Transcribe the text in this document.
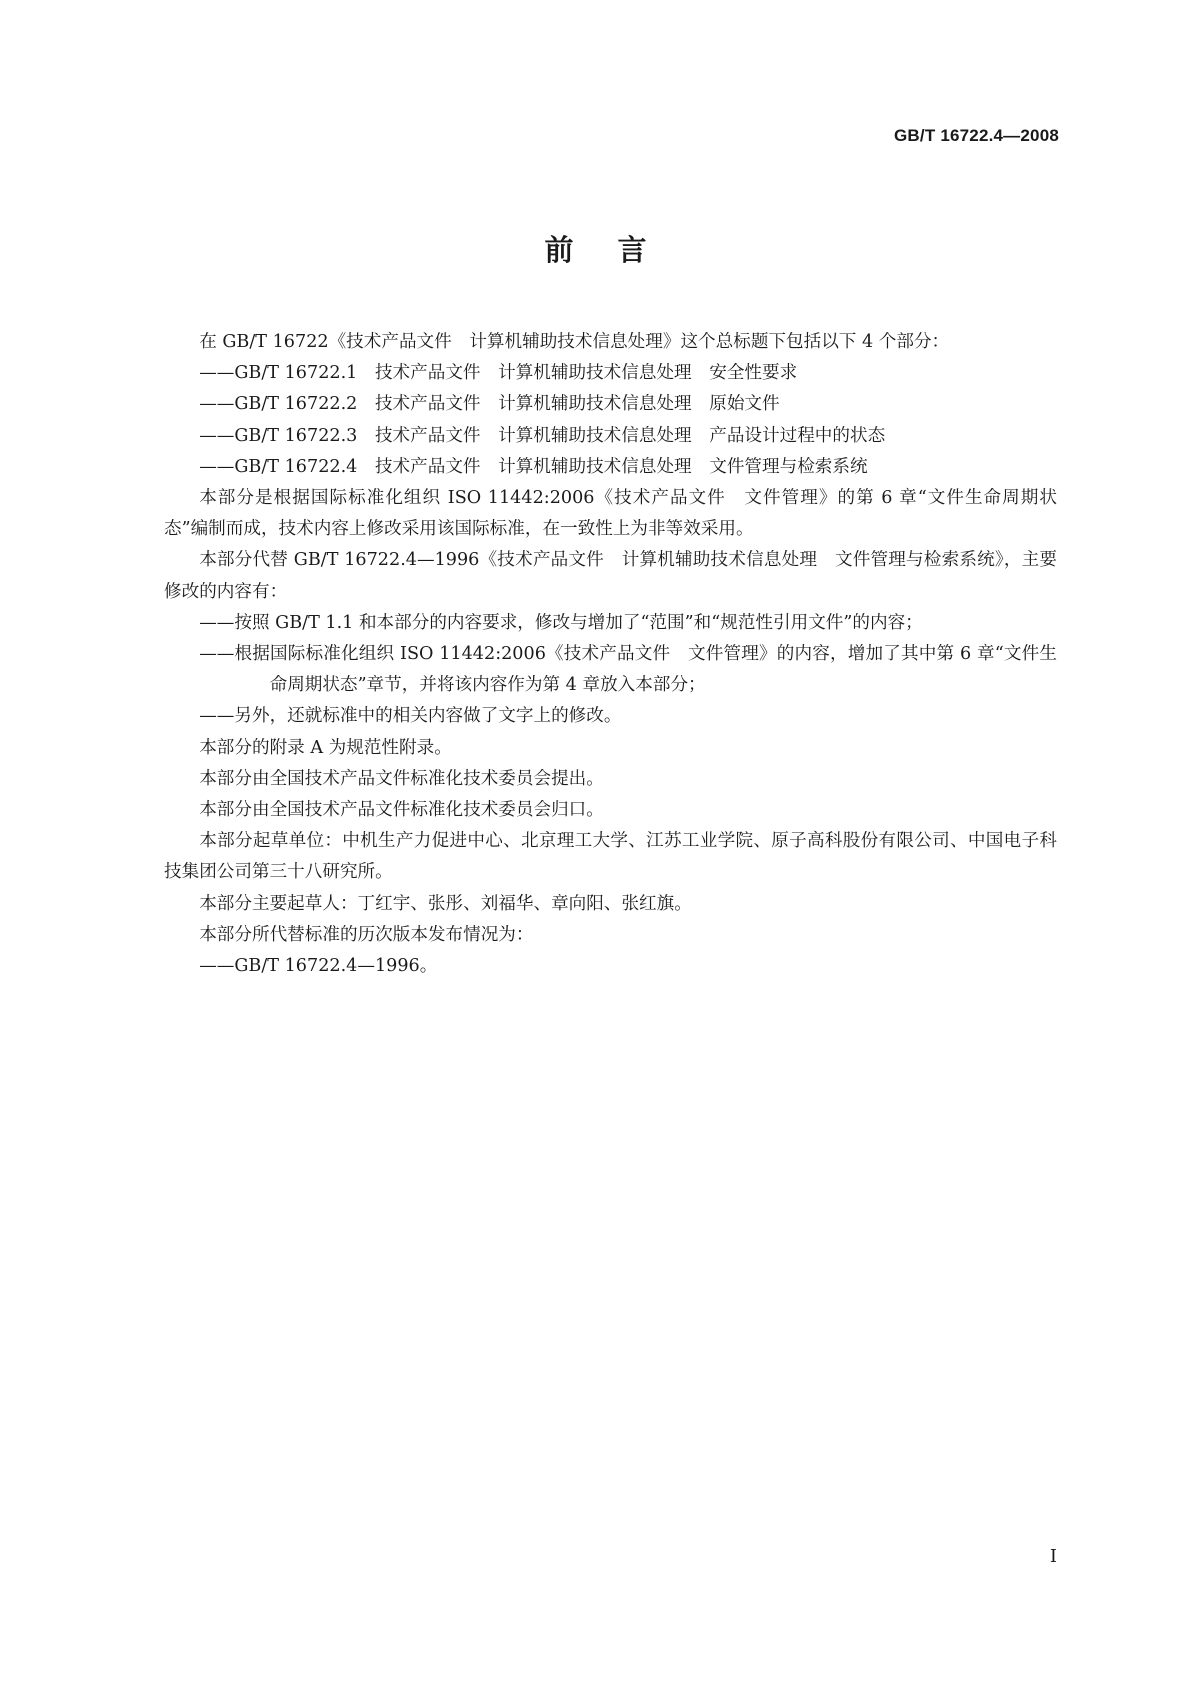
GB/T 16722.4—2008
前言

在 GB/T 16722《技术产品文件　计算机辅助技术信息处理》这个总标题下包括以下 4 个部分：

——GB/T 16722.1　技术产品文件　计算机辅助技术信息处理　安全性要求

——GB/T 16722.2　技术产品文件　计算机辅助技术信息处理　原始文件

——GB/T 16722.3　技术产品文件　计算机辅助技术信息处理　产品设计过程中的状态

——GB/T 16722.4　技术产品文件　计算机辅助技术信息处理　文件管理与检索系统

本部分是根据国际标准化组织 ISO 11442:2006《技术产品文件　文件管理》的第 6 章“文件生命周期状态”编制而成，技术内容上修改采用该国际标准，在一致性上为非等效采用。

本部分代替 GB/T 16722.4—1996《技术产品文件　计算机辅助技术信息处理　文件管理与检索系统》，主要修改的内容有：

——按照 GB/T 1.1 和本部分的内容要求，修改与增加了“范围”和“规范性引用文件”的内容；

——根据国际标准化组织 ISO 11442:2006《技术产品文件　文件管理》的内容，增加了其中第 6 章“文件生命周期状态”章节，并将该内容作为第 4 章放入本部分；

——另外，还就标准中的相关内容做了文字上的修改。

本部分的附录 A 为规范性附录。

本部分由全国技术产品文件标准化技术委员会提出。

本部分由全国技术产品文件标准化技术委员会归口。

本部分起草单位：中机生产力促进中心、北京理工大学、江苏工业学院、原子高科股份有限公司、中国电子科技集团公司第三十八研究所。

本部分主要起草人：丁红宇、张彤、刘福华、章向阳、张红旗。

本部分所代替标准的历次版本发布情况为：

——GB/T 16722.4—1996。

I
